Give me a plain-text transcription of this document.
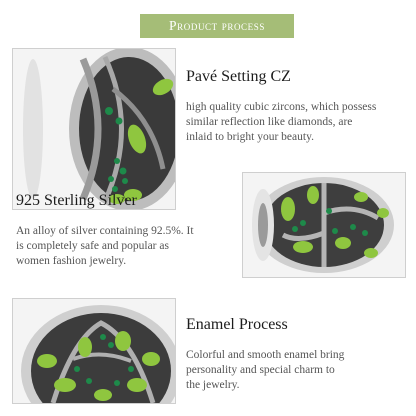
Product process
Pavé Setting CZ
high quality cubic zircons, which possess
similar reflection like diamonds, are
inlaid to bright your beauty.
925 Sterling Silver
An alloy of silver containing 92.5%. It
is completely safe and popular as
women fashion jewelry.
Enamel Process
Colorful and smooth enamel bring
personality and special charm to
the jewelry.
